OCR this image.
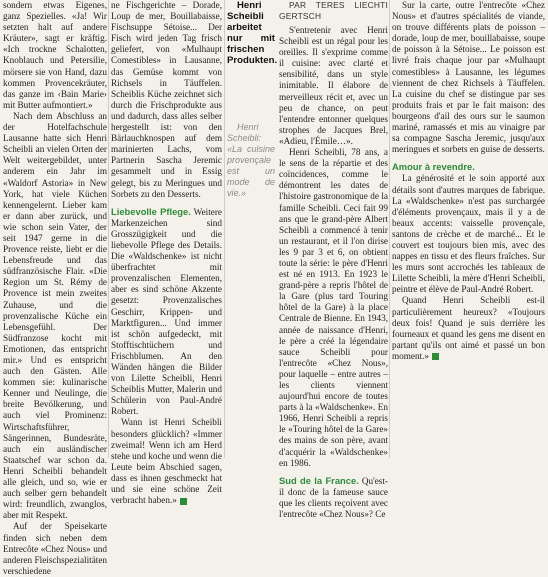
sondern etwas Eigenes, ganz Spezielles. «Ja! Wir setzten halt auf andere Kräuter», sagt er kräftig. «Ich trockne Schalotten, Knoblauch und Petersilie, mörsere sie von Hand, dazu kommen Provencekräuter, das ganze im ‹Bain Marie› mit Butter aufmontiert.»

Nach dem Abschluss an der Hotelfachschule Lausanne hatte sich Henri Scheibli an vielen Orten der Welt weitergebildet, unter anderem ein Jahr im «Waldorf Astoria» in New York, hat viele Küchen kennengelernt. Lieber kam er dann aber zurück, und wie schon sein Vater, der seit 1947 gerne in die Provence reiste, liebt er die Lebensfreude und das südfranzösische Flair. «Die Region um St. Rémy de Provence ist mein zweites Zuhause, und die provenzalische Küche ein Lebensgefühl. Der Südfranzose kocht mit Emotionen, das entspricht mir.» Und es entspricht auch den Gästen. Alle kommen sie: kulinarische Kenner und Neulinge, die breite Bevölkerung, und auch viel Prominenz: Wirtschaftsführer, Sängerinnen, Bundesräte, auch ein ausländischer Staatschef war schon da. Henri Scheibli behandelt alle gleich, und so, wie er auch selber gern behandelt wird: freundlich, zwanglos, aber mit Respekt.

Auf der Speisekarte finden sich neben dem Entrecôte «Chez Nous» und anderen Fleischspezialitäten verschiedene

ne Fischgerichte – Dorade, Loup de mer, Bouillabaisse, Fischsuppe Sétoise... Der Fisch wird jeden Tag frisch geliefert, von «Mulhaupt Comestibles» in Lausanne, das Gemüse kommt von Richsels in Täuffelen. Scheiblis Küche zeichnet sich durch die Frischprodukte aus und dadurch, dass alles selber hergestellt ist: von den Bärlauchknospen auf dem marinierten Lachs, vom Partnerin Sascha Jeremic gesammelt und in Essig gelegt, bis zu Meringues und Sorbets zu den Desserts.

Liebevolle Pflege. Weitere Markenzeichen sind Grosszügigkeit und die liebevolle Pflege des Details. Die «Waldschenke» ist nicht überfrachtet mit provenzalischen Elementen, aber es sind schöne Akzente gesetzt: Provenzalisches Geschirr, Krippen- und Marktfiguren... Und immer ist schön aufgedeckt, mit Stofftischtüchern und Frischblumen. An den Wänden hängen die Bilder von Lilette Scheibli, Henri Scheiblis Mutter, Malerin und Schülerin von Paul-André Robert.

Wann ist Henri Scheibli besonders glücklich? «Immer zweimal! Wenn ich am Herd stehe und koche und wenn die Leute beim Abschied sagen, dass es ihnen geschmeckt hat und sie eine schöne Zeit verbracht haben.»

Henri Scheibli arbeitet nur mit frischen Produkten.

Henri Scheibli: «La cuisine provençale est un mode de vie.»

PAR TERES LIECHTI GERTSCH

S'entretenir avec Henri Scheibli est un régal pour les oreilles. Il s'exprime comme il cuisine: avec clarté et sensibilité, dans un style inimitable. Il élabore de merveilleux récit et, avec un peu de chance, on peut l'entendre entonner quelques strophes de Jacques Brel, «Adieu, l'Émile…».

Henri Scheibli, 78 ans, a le sens de la répartie et des coïncidences, comme le démontrent les dates de l'histoire gastronomique de la famille Scheibli. Ceci fait 99 ans que le grand-père Albert Scheibli a commencé à tenir un restaurant, et il l'on dirise les 9 par 3 et 6, on obtient toute la série: le père d'Henri est né en 1913. En 1923 le grand-père a repris l'hôtel de la Gare (plus tard Touring hôtel de la Gare) à la place Centrale de Bienne. En 1943, année de naissance d'Henri, le père a créé la légendaire sauce Scheibli pour l'entrecôte «Chez Nous», pour laquelle – entre autres – les clients viennent aujourd'hui encore de toutes parts à la «Waldschenke». En 1966, Henri Scheibli a repris le «Touring hôtel de la Gare» des mains de son père, avant d'acquérir la «Waldschenke» en 1986.

Sud de la France. Qu'est-il donc de la fameuse sauce que les clients reçoivent avec l'entrecôte «Chez Nous»? Ce

Sur la carte, outre l'entrecôte «Chez Nous» et d'autres spécialités de viande, on trouve différents plats de poisson – dorade, loup de mer, bouillabaisse, soupe de poisson à la Sétoise... Le poisson est livré frais chaque jour par «Mulhaupt comestibles» à Lausanne, les légumes viennent de chez Richsels à Täuffelen. La cuisine du chef se distingue par ses produits frais et par le fait maison: des bourgeons d'ail des ours sur le saumon mariné, ramassés et mis au vinaigre par sa compagne Sascha Jeremic, jusqu'aux meringues et sorbets en guise de desserts.

Amour à revendre.

La générosité et le soin apporté aux détails sont d'autres marques de fabrique. La «Waldschenke» n'est pas surchargée d'éléments provençaux, mais il y a de beaux accents: vaisselle provençale, santons de crèche et de marché... Et le couvert est toujours bien mis, avec des nappes en tissu et des fleurs fraîches. Sur les murs sont accrochés les tableaux de Lilette Scheibli, la mère d'Henri Scheibli, peintre et élève de Paul-André Robert.

Quand Henri Scheibli est-il particulièrement heureux? «Toujours deux fois! Quand je suis derrière les fourneaux et quand les gens me disent en partant qu'ils ont aimé et passé un bon moment.»
